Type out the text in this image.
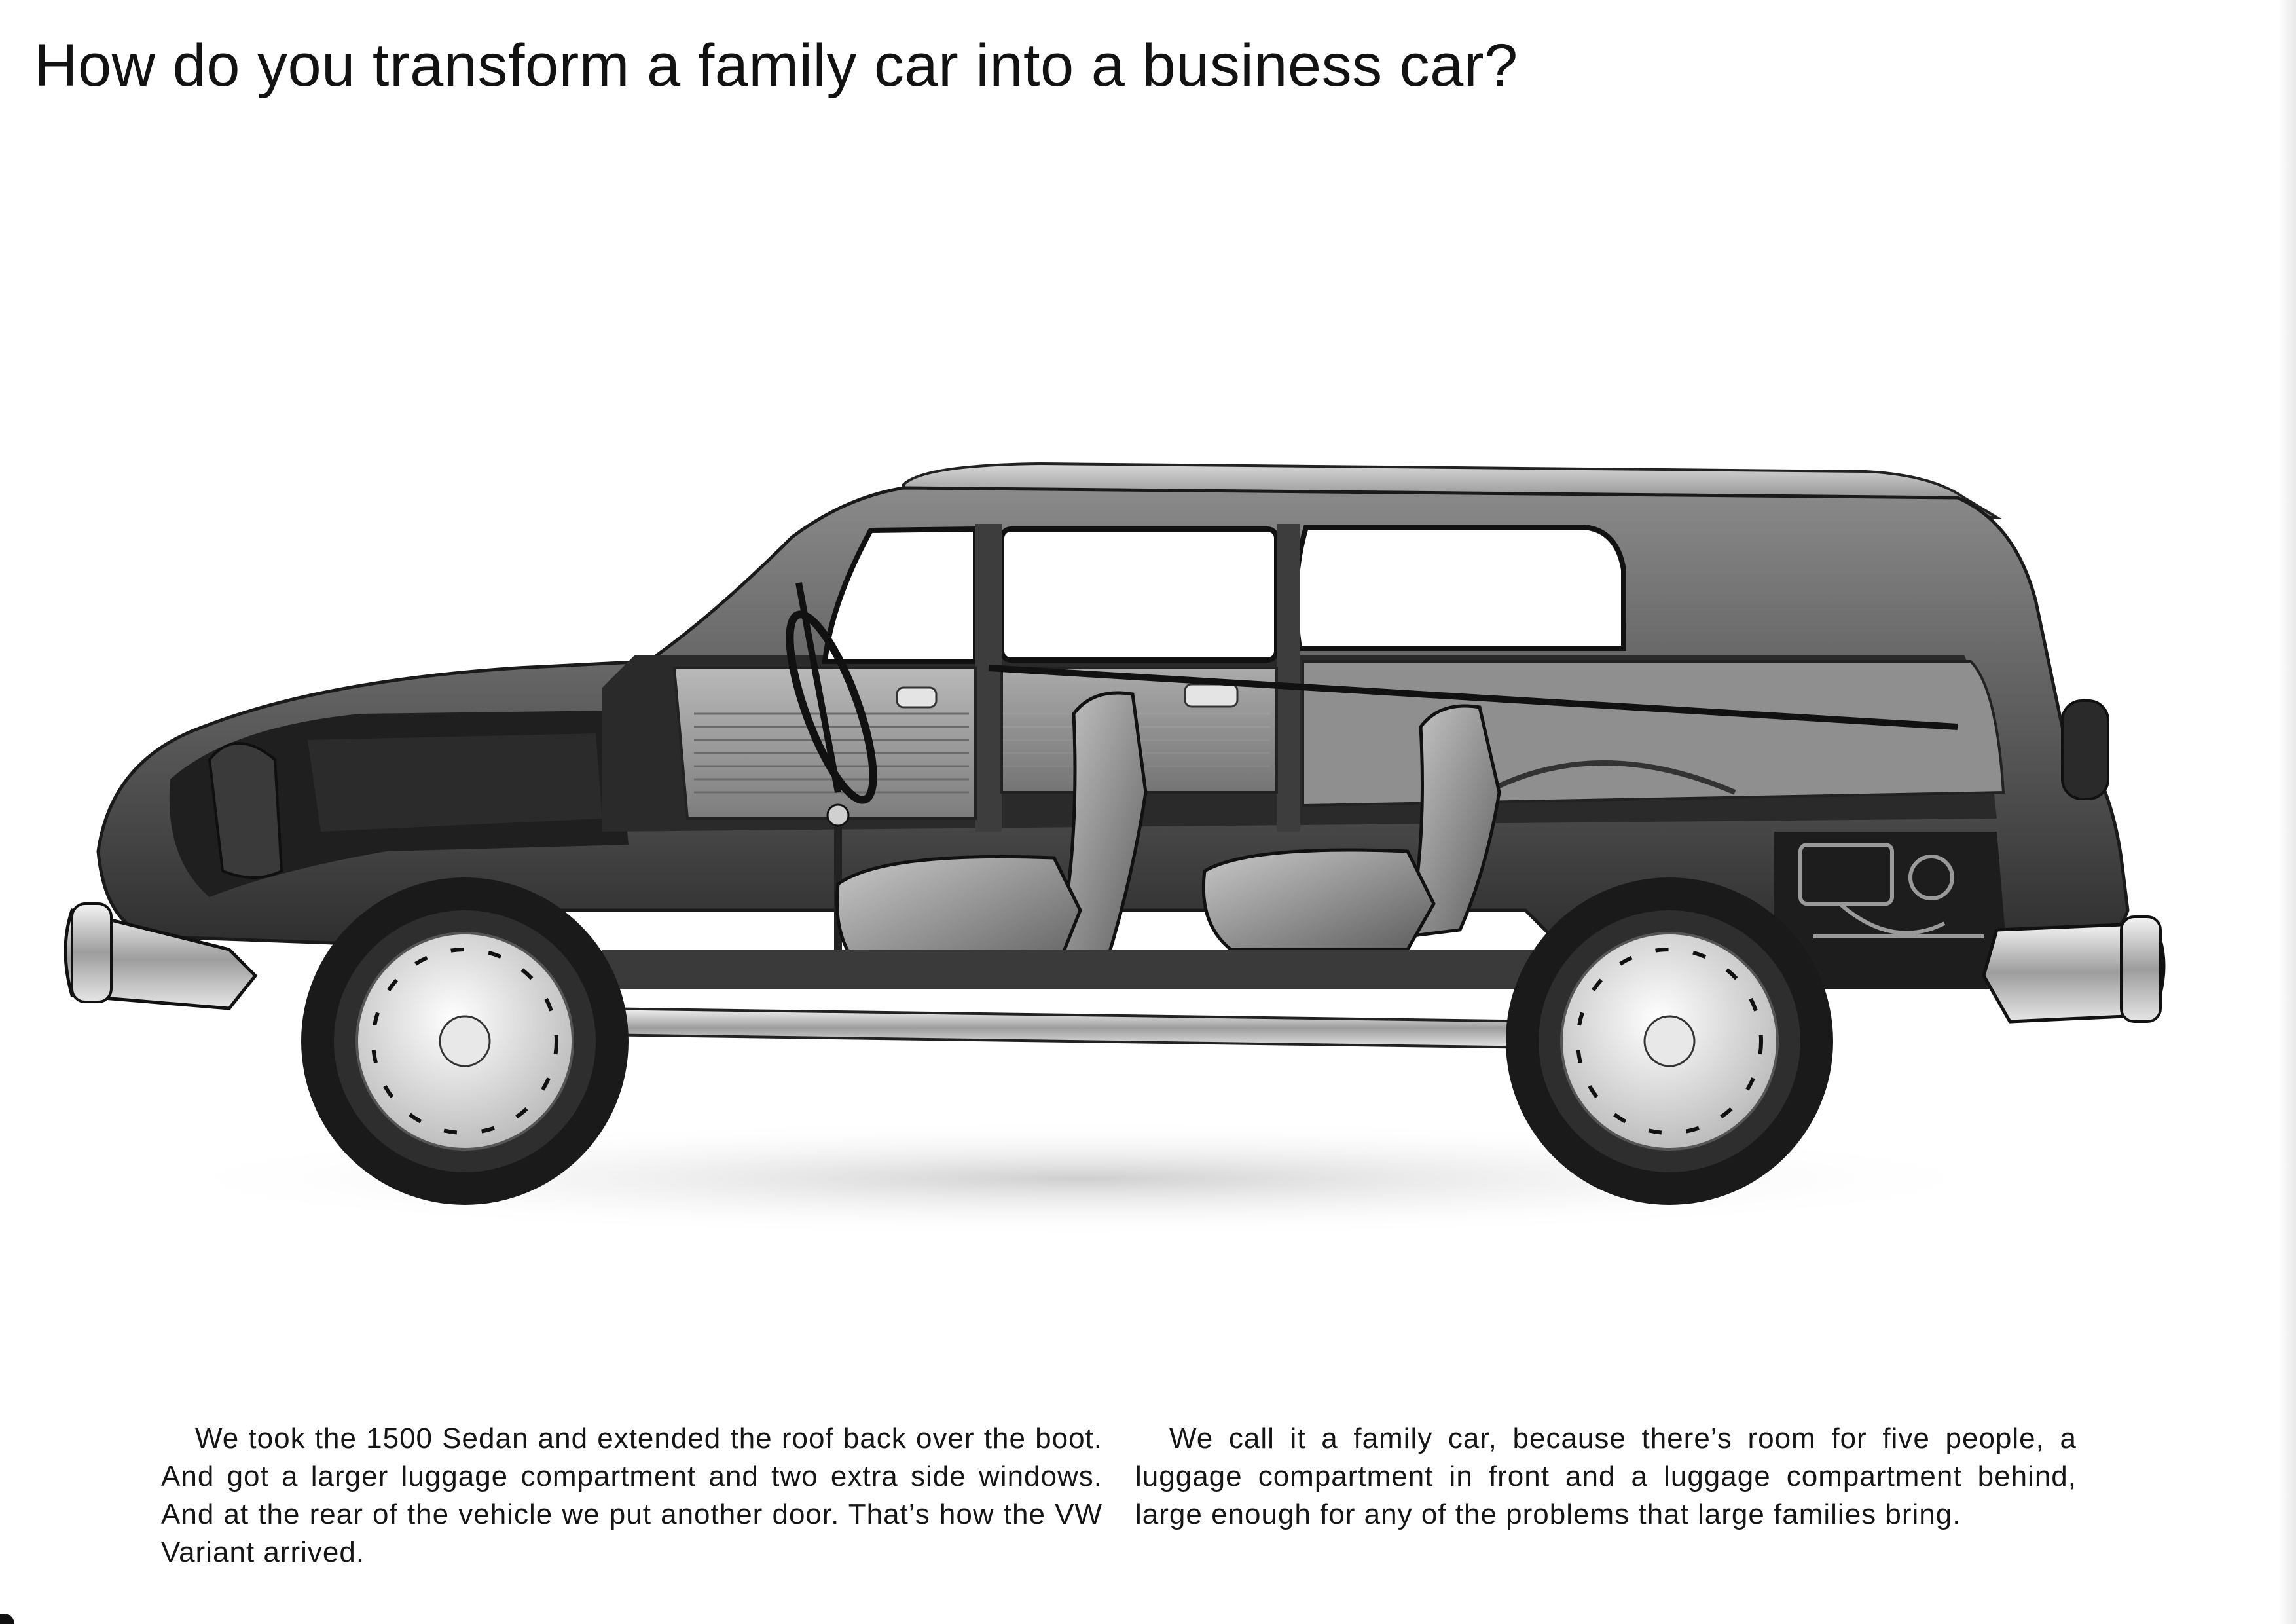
How do you transform a family car into a business car?

We took the 1500 Sedan and extended the roof back over the boot. And got a larger luggage compartment and two extra side windows. And at the rear of the vehicle we put another door. That’s how the VW Variant arrived.

We call it a family car, because there’s room for five people, a luggage compartment in front and a luggage compartment behind, large enough for any of the problems that large families bring.
